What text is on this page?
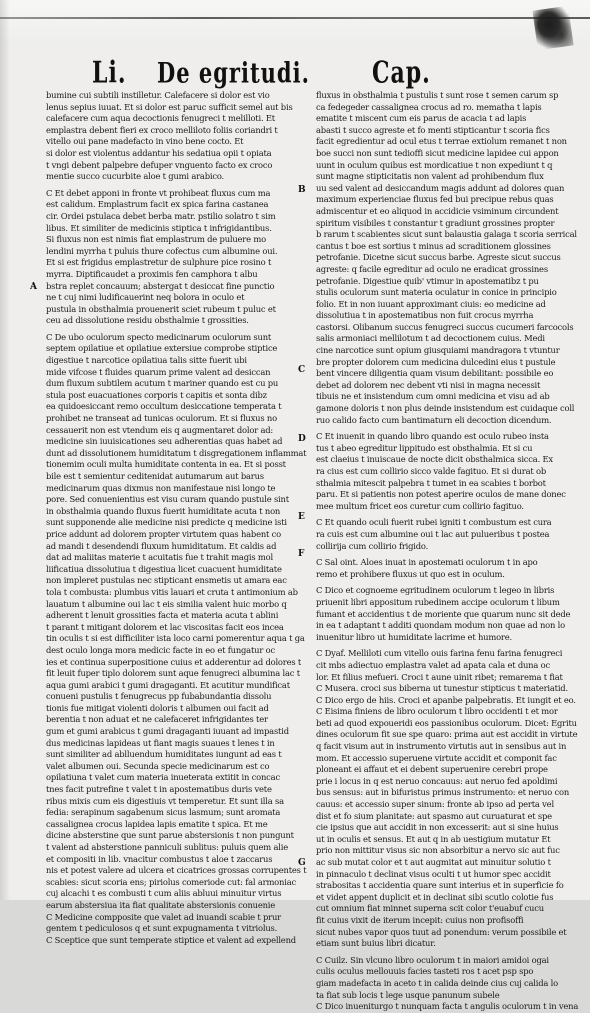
Li. De egritudi.	Cap.
A
B
C
D
E
F
G
bumine cui subtili instilletur. Calefacere si dolor est vio
lenus sepius iuuat. Et si dolor est paruc sufficit semel aut bis
calefacere cum aqua decoctionis fenugreci t melilloti. Et
emplastra debent fieri ex croco melliloto foliis coriandri t
vitello oui pane madefacto in vino bene cocto. Et
si dolor est violentus addantur his sedatiua opii t opiata
t vngi debent palpebre defuper vnguento facto ex croco
mentie succo cucurbite aloe t gumi arabico.
C Et debet apponi in fronte vt prohibeat fluxus cum ma
est calidum. Emplastrum facit ex spica farina castanea
cir. Ordei pstulaca debet berba matr. pstilio solatro t sim
libus. Et similiter de medicinis stiptica t infrigidantibus.
Si fluxus non est nimis fiat emplastrum de puluere mo
lendini myrrha t puluis thure cofectus cum albumine oui.
Et si est frigidus emplastretur de sulphure pice rosino t
myrra. Diptificaudet a proximis fen camphora t albu
bstra replet concauum; abstergat t desiccat fine punctio
ne t cuj nimi ludificauerint neq bolora in oculo et
pustula in obsthalmia prouenerit sciet rubeum t puluc et
ceu ad dissolutione residu obsthalmie t grossities.
C De ubo oculorum specto medicinarum oculorum sunt
septem opilatiue et opilatiue extersiue comprobe stiptice
digestiue t narcotice opilatiua talis sitte fuerit ubi
mide vifcose t fluides quarum prime valent ad desiccan
dum fluxum subtilem acutum t mariner quando est cu pu
stula post euacuationes corporis t capitis et sonta dibz
ea quidoesiccant remo occultum desiccatione temperata t
prohibet ne transeat ad tunicas oculorum. Et si fluxus no
cessauerit non est vtendum eis q augmentaret dolor ad:
medicine sin iuuisicationes seu adherentias quas habet ad
dunt ad dissolutionem humiditatum t disgregationem inflammat
tionemim oculi multa humiditate contenta in ea. Et si posst
bile est t semientur ceditenidat autumarum aut barus
medicinarum quas dixmus non manifestaue nisi longo te
pore. Sed conuenientius est visu curam quando pustule sint
in obsthalmia quando fluxus fuerit humiditate acuta t non
sunt supponende alie medicine nisi predicte q medicine isti
price addunt ad dolorem propter virtutem quas habent co
ad mandi t desendendi fluxum humiditatum. Et caldis ad
dat ad maliitas materie t acuitatis fue t trahit magis mol
liificatiua dissolutiua t digestiua licet cuacuent humiditate
non impleret pustulas nec stipticant ensmetis ut amara eac
tola t combusta: plumbus vitis lauari et cruta t antimonium ab
lauatum t albumine oui lac t eis similia valent huic morbo q
adherent t lenuit grossities facta et materia acuta t ablini
t parant t mitigant dolorem et lac viscositas facit eos incea
tin oculis t si est difficiliter ista loco carni pomerentur aqua t ga
dest oculo longa mora medicic facte in eo et fungatur oc
ies et continua superpositione cuius et adderentur ad dolores t
fit leuit fuper tiplo dolorem sunt aque fenugreci albumina lac t
aqua gumi arabici t gumi dragaganti. Et acutitur mundificat
conueni pustulis t fenugrecus pp fubabundantia dissolu
tionis fue mitigat violenti doloris t albumen oui facit ad
berentia t non aduat et ne calefaceret infrigidantes ter
gum et gumi arabicus t gumi dragaganti iuuant ad impastid
dus medicinas lapideas ut fiant magis suaues t lenes t in
sunt similiter ad ablluendum humiditates iungunt ad eas t
valet albumen oui. Secunda specie medicinarum est co
opilatiuna t valet cum materia inueterata extitit in concac
tnes facit putrefine t valet t in apostematibus duris vete
ribus mixis cum eis digestiuis vt temperetur. Et sunt illa sa
fedia: serapinum sagabenum sicus lasmum; sunt aromata
cassalignea crocus lapidea lapis ematite t spica. Et me
dicine absterstine que sunt parue abstersionis t non pungunt
t valent ad absterstione panniculi sublitus: puluis quem alie
et compositi in lib. vnacitur combustus t aloe t zaccarus
nis et potest valere ad ulcera et cicatrices grossas corrupentes t
scabies: sicut scoria ens; piriolus comeriode cut: fal armoniac
cuj alcachi t es combusti t cum aliis abluui minuitur virtus
earum abstersiua ita fiat qualitate abstersionis conuenie
C Medicine compposite que valet ad inuandi scabie t prur
gentem t pediculosos q et sunt expugnamenta t vitriolus.
C Sceptice que sunt temperate stiptice et valent ad expellend
fluxus in obsthalmia t pustulis t sunt rose t semen carum sp
ca fedegeder cassalignea crocus ad ro. mematha t lapis
ematite t miscent cum eis parus de acacia t ad lapis
abasti t succo agreste et fo menti stipticantur t scoria fics
facit egredientur ad ocul etus t terrae extiolum remanet t non
boe succi non sunt tedioffi sicut medicine lapidee cui appon
uunt in oculum quibus est mordicatiue t non expediunt t q
sunt magne stipticitatis non valent ad prohibendum flux
uu sed valent ad desiccandum magis addunt ad dolores quan
maximum experienciae fluxus fed bui precipue rebus quas
admiscentur et eo aliquod in accidicie vsiminum circundent
spiritum visibiles t constantur t gradiunt grossines propter
b rarum t scabientes sicut sunt balaustia galaga t scoria serrical
cantus t boe est sortius t minus ad scraditionem glossines
petrofanie. Dicetne sicut succus barbe. Agreste sicut succus
agreste: q facile egreditur ad oculo ne eradicat grossines
petrofanie. Digestiue quib' vtimur in apostematibz t pu
stulis oculorum sunt materia oculatur in conice in principio
folio. Et in non iuuant approximant ciuis: eo medicine ad
dissolutiua t in apostematibus non fuit crocus myrrha
castorsi. Olibanum succus fenugreci succus cucumeri farcocols
salis armoniaci mellilotum t ad decoctionem cuius. Medi
cine narcotice sunt opium giusquiami mandragora t vtuntur
bre propter dolorem cum medicina dulcedini eius t pustule
bent vincere diligentia quam visum debilitant: possibile eo
debet ad dolorem nec debent vti nisi in magna necessit
tibuis ne et insistendum cum omni medicina et visu ad ab
gamone doloris t non plus deinde insistendum est cuidaque coll
ruo calido facto cum bantimaturn eli decoction dicendum.
C Et inuenit in quando libro quando est oculo rubeo insta
tus t abeo egreditur lippitudo est obsthalmia. Et si cu
est claeius t inuiscaue de nocte dicit obsthalmica sicca. Ex
ra cius est cum collirio sicco valde fagituo. Et si durat ob
sthalmia mitescit palpebra t tumet in ea scabies t borbot
paru. Et si patientis non potest aperire oculos de mane donec
mee multum fricet eos curetur cum collirio fagituo.
C Et quando oculi fuerit rubei igniti t combustum est cura
ra cuis est cum albumine oui t lac aut pulueribus t postea
collirija cum collirio frigido.
C Sal oint. Aloes inuat in apostemati oculorum t in apo
remo et prohibere fluxus ut quo est in oculum.
C Dico et cognoeme egritudinem oculorum t legeo in libris
priuenit libri appositum rubedinem accipe oculorum t libum
fumant et accidentius t de moriente que quarum nunc sit dede
in ea t adaptant t additi quondam modum non quae ad non lo
inuenitur libro ut humiditate lacrime et humore.
C Dyaf. Melliloti cum vitello ouis farina fenu farina fenugreci
cit mbs adiectuo emplastra valet ad apata cala et duna oc
lor. Et filius mefueri. Croci t aune uinit ribet; remarema t fiat
C Musera. croci sus biberna ut tunestur stipticus t materiatid.
C Dico ergo de hiis. Croci et apanbe palpebratis. Et iungit et eo.
C Eisima finiens de libro oculorum t libro occidenti t et mor
beti ad quod expoueridi eos passionibus oculorum. Dicet: Egritu
dines oculorum fit sue spe quaro: prima aut est accidit in virtute
q facit visum aut in instrumento virtutis aut in sensibus aut in
mom. Et accessio superuene virtute accidit et componit fac
ploneant ei affaut et ei debent superuenire cerebri prope
prie i locus in q est neruo concauus: aut neruo fed apoldimi
bus sensus: aut in bifuristus primus instrumento: et neruo con
cauus: et accessio super sinum: fronte ab ipso ad perta vel
dist et fo sium planitate: aut spasmo aut curuaturat et spe
cie ipsius que aut accidit in non excesserit: aut si sine huius
ut in oculis et sensus. Et aut q in ab uestigium mutatur Et
prio non mittitur visus sic non absorbitur a nervo sic aut fuc
ac sub mutat color et t aut augmitat aut minuitur solutio t
in pinnaculo t declinat visus oculti t ut humor spec accidit
strabositas t accidentia quare sunt interius et in superficie fo
et videt appent duplicit et in declinat sibi scutlo colotie fus
cut omnium fiat minnet superna scit color t'euabuf cucu
fit cuius vixit de iterum incepit: cuius non profisoffi
sicut nubes vapor quos tuut ad ponendum: verum possibile et
etiam sunt buius libri dicatur.
C Cuilz. Sin vlcuno libro oculorum t in maiori amidoi ogai
culis oculus mellouuis facies tasteti ros t acet psp spo
giam madefacta in aceto t in calida deinde cius cuj calida lo
ta fiat sub locis t lege usque panunum subele
C Dico inueniturgo t nunquam facta t angulis oculorum t in vena
